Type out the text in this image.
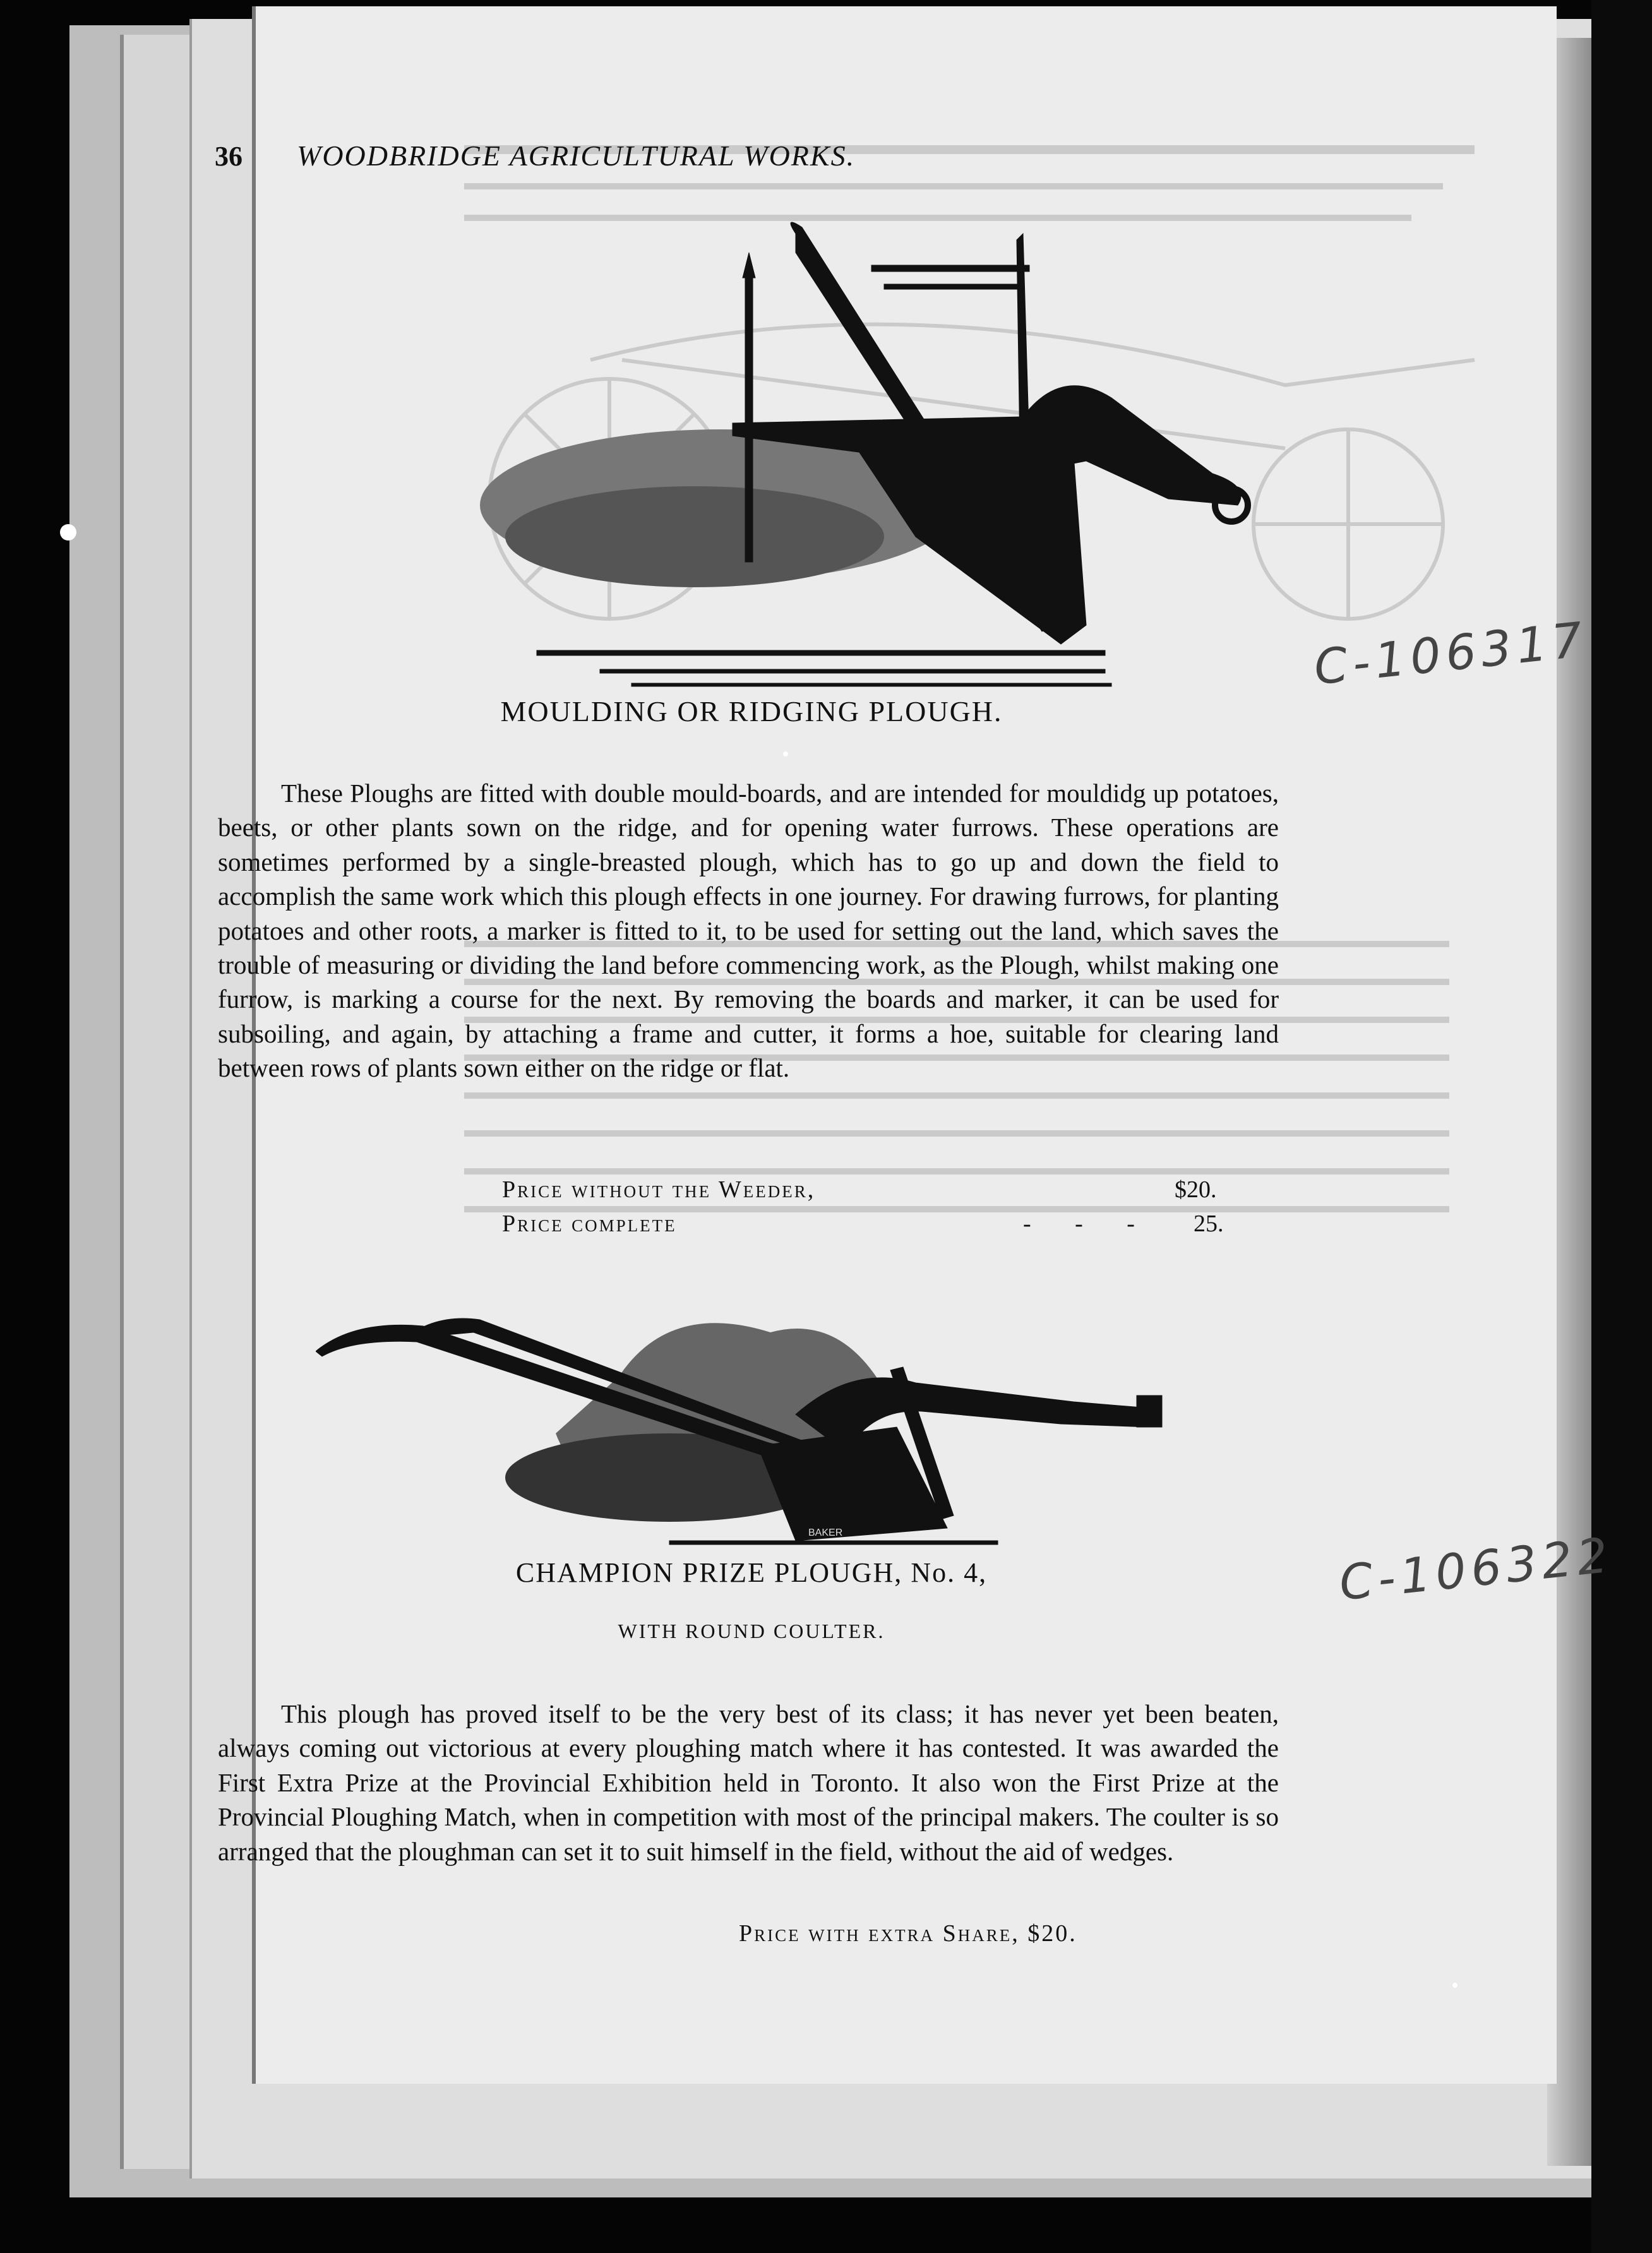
36	WOODBRIDGE AGRICULTURAL WORKS.
C-106317
MOULDING OR RIDGING PLOUGH.

These Ploughs are fitted with double mould-boards, and are intended for mouldidg up potatoes, beets, or other plants sown on the ridge, and for opening water furrows. These operations are sometimes performed by a single-breasted plough, which has to go up and down the field to accomplish the same work which this plough effects in one journey. For drawing furrows, for planting potatoes and other roots, a marker is fitted to it, to be used for setting out the land, which saves the trouble of measuring or dividing the land before commencing work, as the Plough, whilst making one furrow, is marking a course for the next. By removing the boards and marker, it can be used for subsoiling, and again, by attaching a frame and cutter, it forms a hoe, suitable for clearing land between rows of plants sown either on the ridge or flat.

Price without the Weeder,	$20.
Price complete	- - - 25.
BAKER
CHAMPION PRIZE PLOUGH, No. 4,	C-106322
WITH ROUND COULTER.

This plough has proved itself to be the very best of its class; it has never yet been beaten, always coming out victorious at every ploughing match where it has contested. It was awarded the First Extra Prize at the Provincial Exhibition held in Toronto. It also won the First Prize at the Provincial Ploughing Match, when in competition with most of the principal makers. The coulter is so arranged that the ploughman can set it to suit himself in the field, without the aid of wedges.

Price with extra Share, $20.
